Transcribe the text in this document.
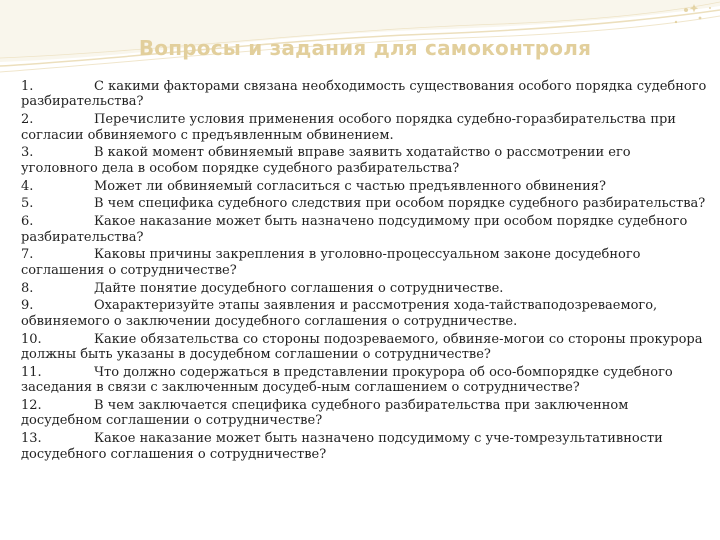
Вопросы и задания для самоконтроля
1.	С какими факторами связана необходимость существования особого порядка судебного разбирательства?
2.	Перечислите условия применения особого порядка судебно-горазбирательства при согласии обвиняемого с предъявленным обвинением.
3.	В какой момент обвиняемый вправе заявить ходатайство о рассмотрении его уголовного дела в особом порядке судебного разбирательства?
4.	Может ли обвиняемый согласиться с частью предъявленного обвинения?
5.	В чем специфика судебного следствия при особом порядке судебного разбирательства?
6.	Какое наказание может быть назначено подсудимому при особом порядке судебного разбирательства?
7.	Каковы причины закрепления в уголовно-процессуальном законе досудебного соглашения о сотрудничестве?
8.	Дайте понятие досудебного соглашения о сотрудничестве.
9.	Охарактеризуйте этапы заявления и рассмотрения хода-тайстваподозреваемого, обвиняемого о заключении досудебного соглашения о сотрудничестве.
10.	Какие обязательства со стороны подозреваемого, обвиняе-могои со стороны прокурора должны быть указаны в досудебном соглашении о сотрудничестве?
11.	Что должно содержаться в представлении прокурора об осо-бомпорядке судебного заседания в связи с заключенным досудеб-ным соглашением о сотрудничестве?
12.	В чем заключается специфика судебного разбирательства при заключенном досудебном соглашении о сотрудничестве?
13.	Какое наказание может быть назначено подсудимому с уче-томрезультативности досудебного соглашения о сотрудничестве?
